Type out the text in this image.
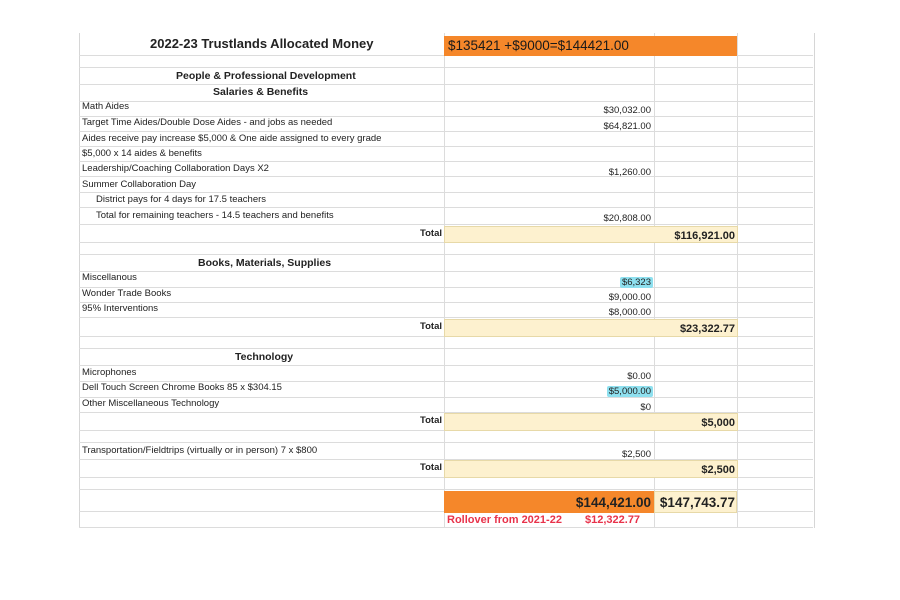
2022-23 Trustlands Allocated Money	$135421 +$9000=$144421.00
People & Professional Development
Salaries & Benefits
Math Aides	$30,032.00
Target Time Aides/Double Dose Aides - and jobs as needed	$64,821.00
Aides receive pay increase $5,000 & One aide assigned to every grade
$5,000 x 14 aides & benefits
Leadership/Coaching Collaboration Days X2	$1,260.00
Summer Collaboration Day
District pays for 4 days for 17.5 teachers
Total for remaining teachers - 14.5 teachers and benefits	$20,808.00
Total	$116,921.00
Books, Materials, Supplies
Miscellanous	$6,323
Wonder Trade Books	$9,000.00
95% Interventions	$8,000.00
Total	$23,322.77
Technology
Microphones	$0.00
Dell Touch Screen Chrome Books 85 x $304.15	$5,000.00
Other Miscellaneous Technology	$0
Total	$5,000
Transportation/Fieldtrips (virtually or in person) 7 x $800	$2,500
Total	$2,500
$144,421.00 $147,743.77
Rollover from 2021-22 $12,322.77
